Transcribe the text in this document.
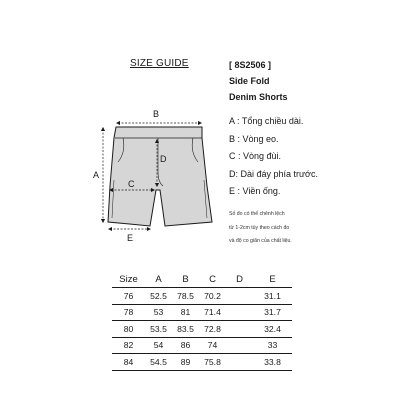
SIZE GUIDE	[ 8S2506 ]
Side Fold
Denim Shorts
B
A
D
C
E
A : Tổng chiều dài.
B : Vòng eo.
C : Vòng đùi.
D: Dài đáy phía trước.
E : Viền ống.
Số đo có thể chênh lệch
từ 1-2cm tùy theo cách đo
và độ co giãn của chất liệu.
Size	A	B	C	D	E
76	52.5	78.5	70.2		31.1
78	53	81	71.4		31.7
80	53.5	83.5	72.8		32.4
82	54	86	74		33
84	54.5	89	75.8		33.8
